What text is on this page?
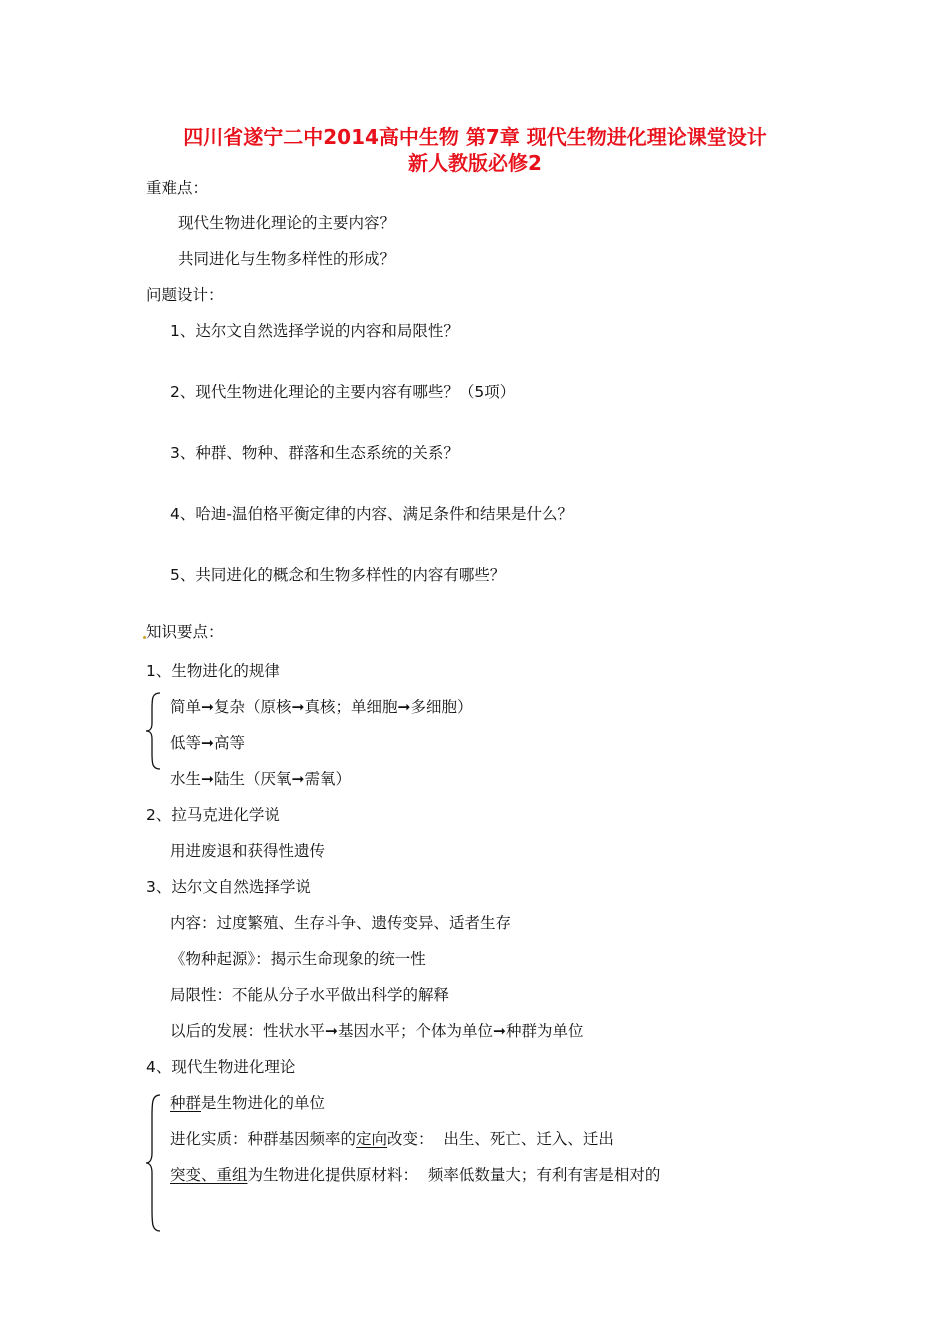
四川省遂宁二中2014高中生物 第7章 现代生物进化理论课堂设计
新人教版必修2
重难点：
现代生物进化理论的主要内容？
共同进化与生物多样性的形成？
问题设计：
1、达尔文自然选择学说的内容和局限性？
2、现代生物进化理论的主要内容有哪些？（5项）
3、种群、物种、群落和生态系统的关系？
4、哈迪-温伯格平衡定律的内容、满足条件和结果是什么？
5、共同进化的概念和生物多样性的内容有哪些？
知识要点：
1、生物进化的规律
简单➞复杂（原核➞真核；单细胞➞多细胞）
低等➞高等
水生➞陆生（厌氧➞需氧）
2、拉马克进化学说
用进废退和获得性遗传
3、达尔文自然选择学说
内容：过度繁殖、生存斗争、遗传变异、适者生存
《物种起源》：揭示生命现象的统一性
局限性：不能从分子水平做出科学的解释
以后的发展：性状水平➞基因水平；个体为单位➞种群为单位
4、现代生物进化理论
种群是生物进化的单位
进化实质：种群基因频率的定向改变：  出生、死亡、迁入、迁出
突变、重组为生物进化提供原材料：  频率低数量大；有利有害是相对的
